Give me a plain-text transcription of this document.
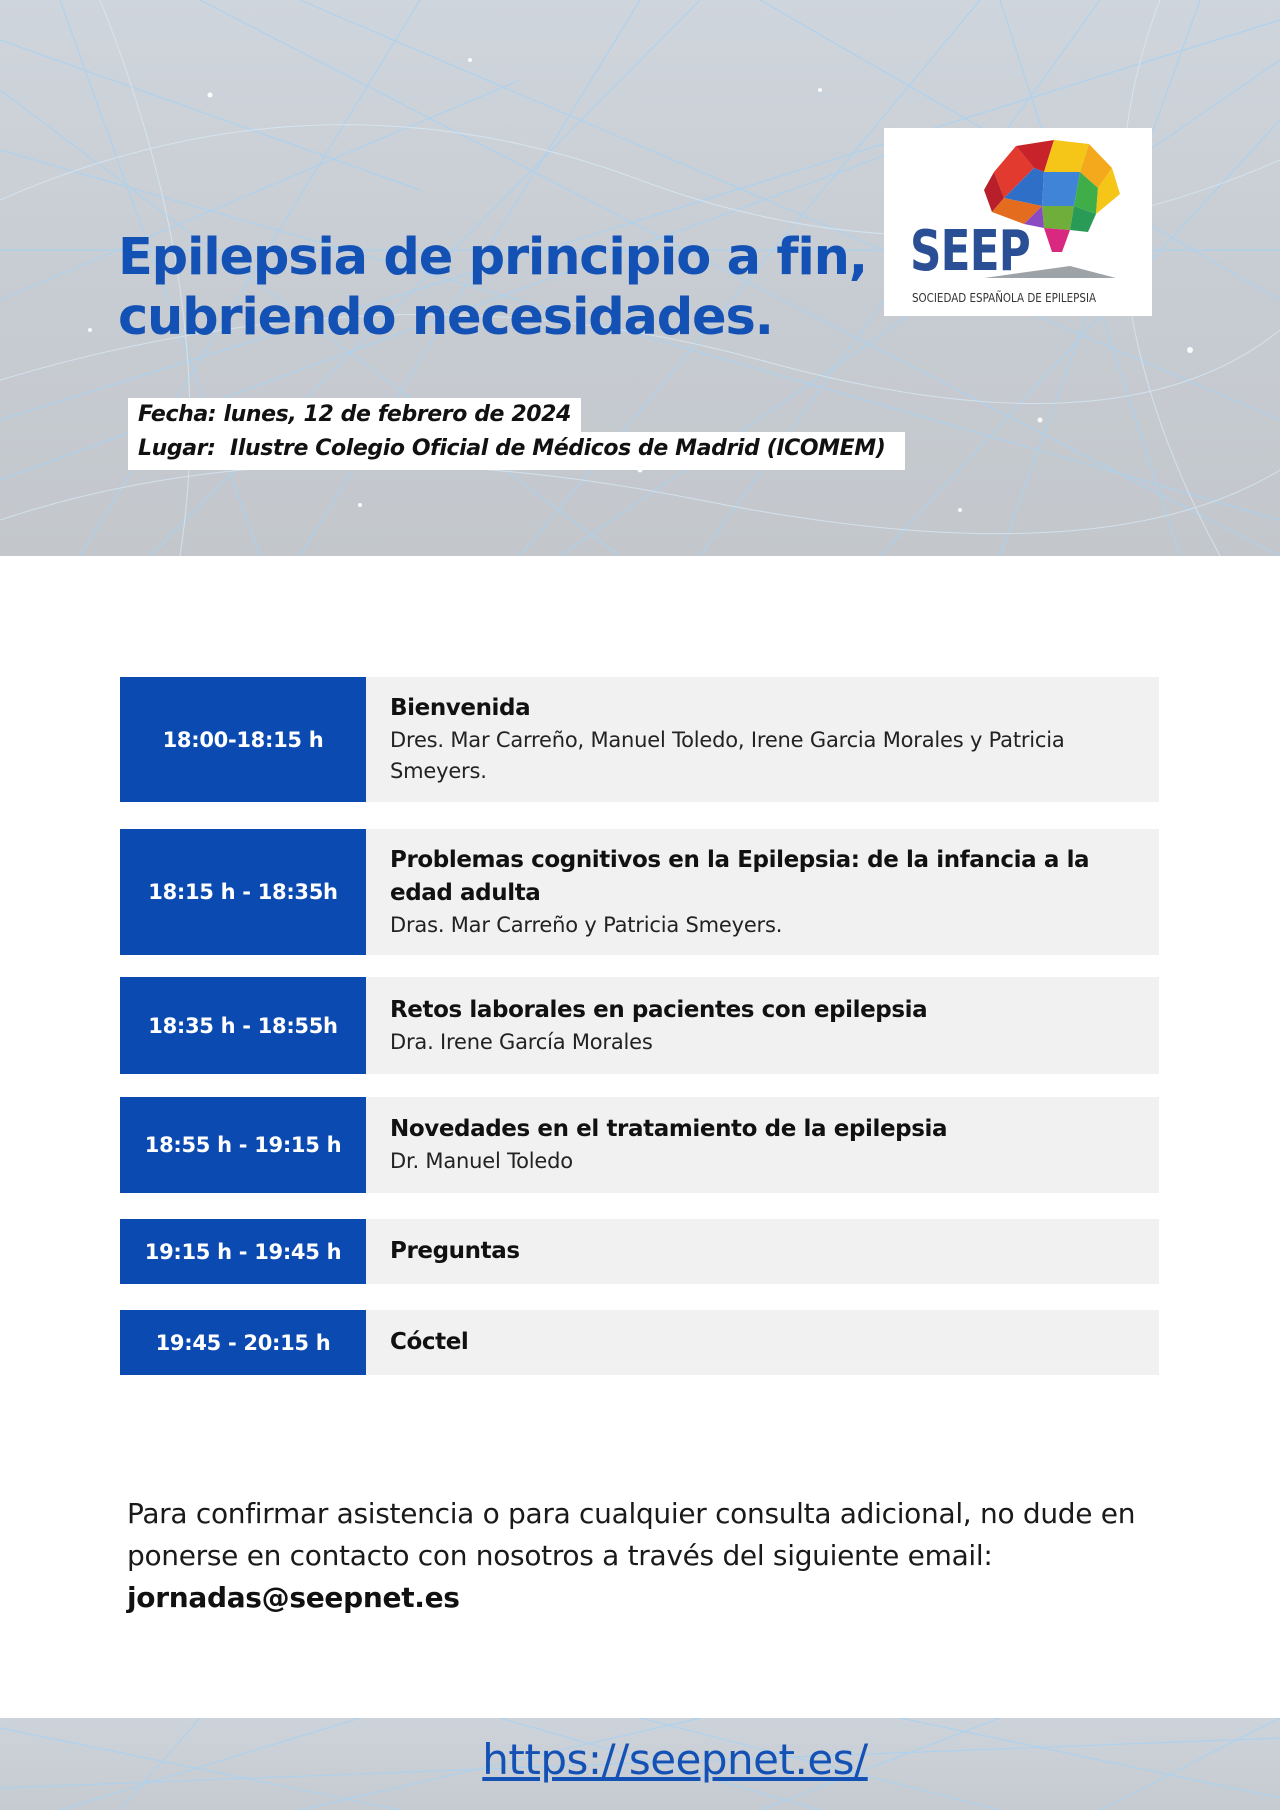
Epilepsia de principio a fin,
cubriendo necesidades.
Fecha: lunes, 12 de febrero de 2024
Lugar:  Ilustre Colegio Oficial de Médicos de Madrid (ICOMEM)
SEEP
SOCIEDAD ESPAÑOLA DE EPILEPSIA
18:00-18:15 h
Bienvenida
Dres. Mar Carreño, Manuel Toledo, Irene Garcia Morales y Patricia Smeyers.
18:15 h - 18:35h
Problemas cognitivos en la Epilepsia: de la infancia a la edad adulta
Dras. Mar Carreño y Patricia Smeyers.
18:35 h - 18:55h
Retos laborales en pacientes con epilepsia
Dra. Irene García Morales
18:55 h - 19:15 h
Novedades en el tratamiento de la epilepsia
Dr. Manuel Toledo
19:15 h - 19:45 h	Preguntas
19:45 - 20:15 h	Cóctel

Para confirmar asistencia o para cualquier consulta adicional, no dude en ponerse en contacto con nosotros a través del siguiente email: jornadas@seepnet.es

https://seepnet.es/
